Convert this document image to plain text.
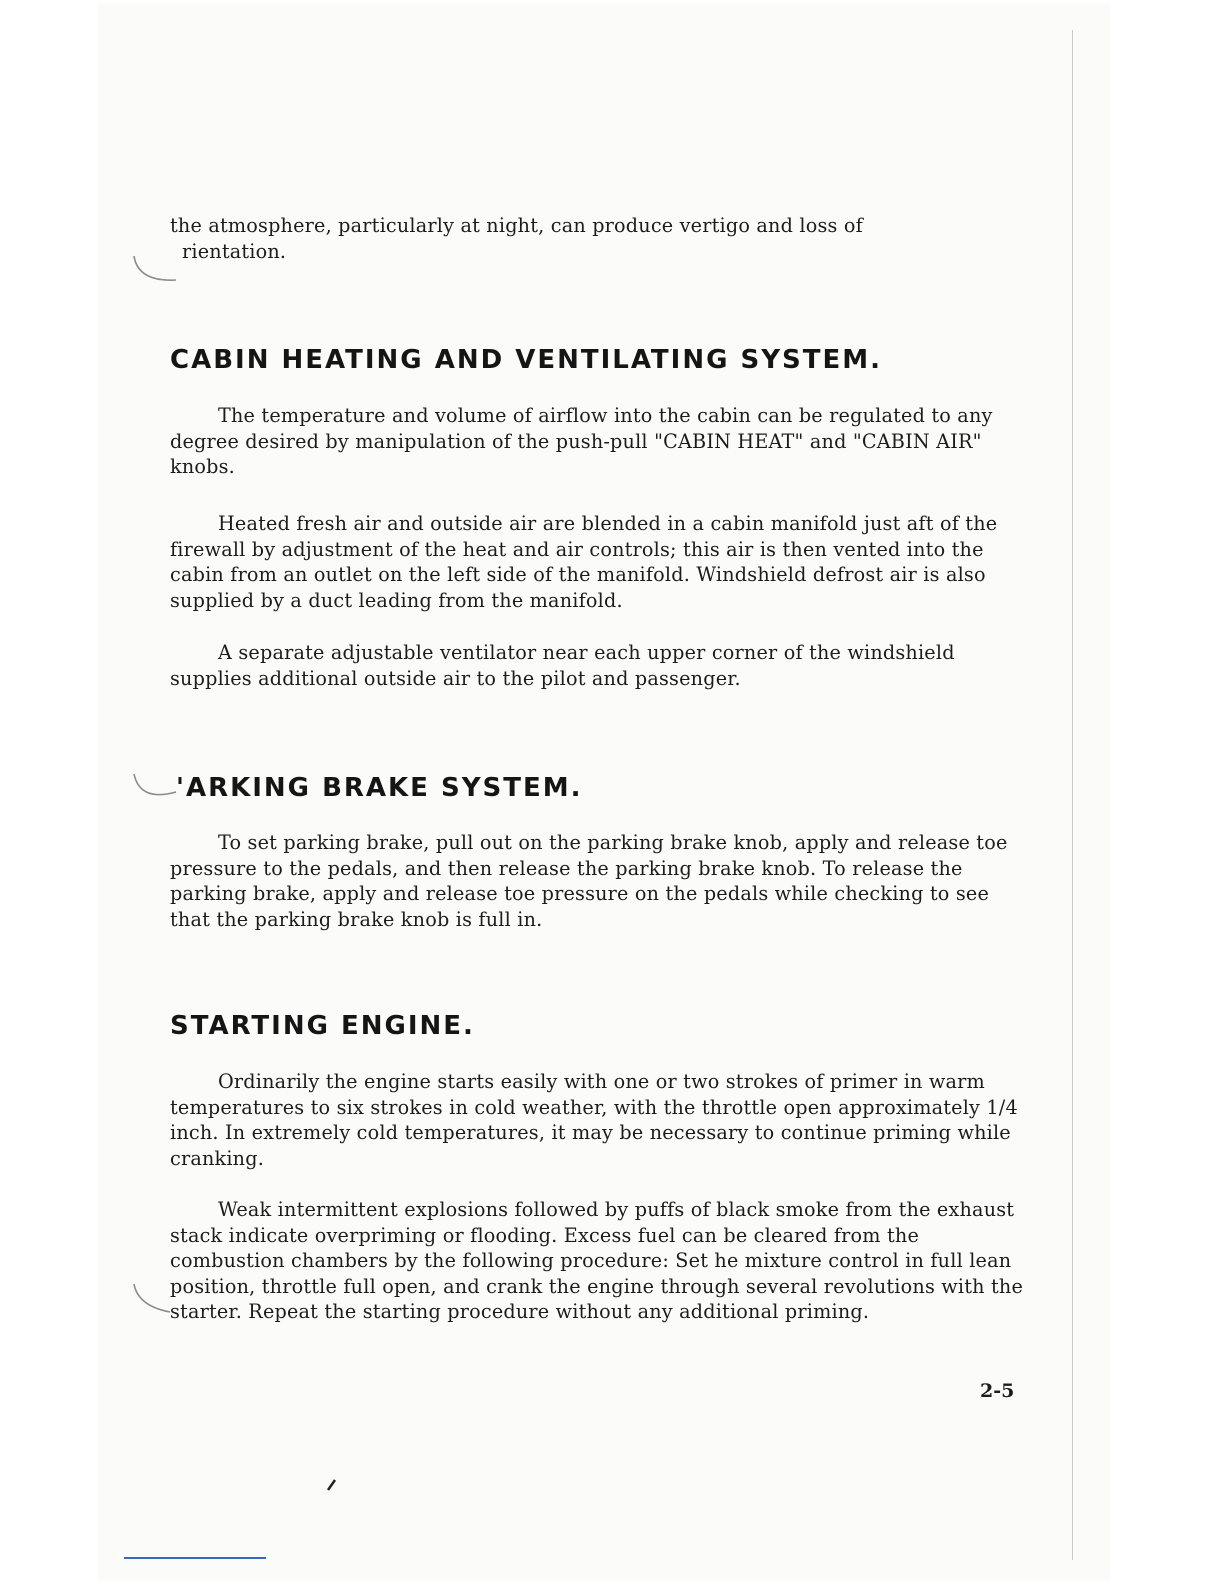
the atmosphere, particularly at night, can produce vertigo and loss of

rientation.

CABIN HEATING AND VENTILATING SYSTEM.

The temperature and volume of airflow into the cabin can be regulated to any degree desired by manipulation of the push-pull "CABIN HEAT" and "CABIN AIR" knobs.

Heated fresh air and outside air are blended in a cabin manifold just aft of the firewall by adjustment of the heat and air controls; this air is then vented into the cabin from an outlet on the left side of the manifold. Windshield defrost air is also supplied by a duct leading from the manifold.

A separate adjustable ventilator near each upper corner of the windshield supplies additional outside air to the pilot and passenger.

'ARKING BRAKE SYSTEM.

To set parking brake, pull out on the parking brake knob, apply and release toe pressure to the pedals, and then release the parking brake knob. To release the parking brake, apply and release toe pressure on the pedals while checking to see that the parking brake knob is full in.

STARTING ENGINE.

Ordinarily the engine starts easily with one or two strokes of primer in warm temperatures to six strokes in cold weather, with the throttle open approximately 1/4 inch. In extremely cold temperatures, it may be necessary to continue priming while cranking.

Weak intermittent explosions followed by puffs of black smoke from the exhaust stack indicate overpriming or flooding. Excess fuel can be cleared from the combustion chambers by the following procedure: Set he mixture control in full lean position, throttle full open, and crank the engine through several revolutions with the starter. Repeat the starting procedure without any additional priming.

2-5
